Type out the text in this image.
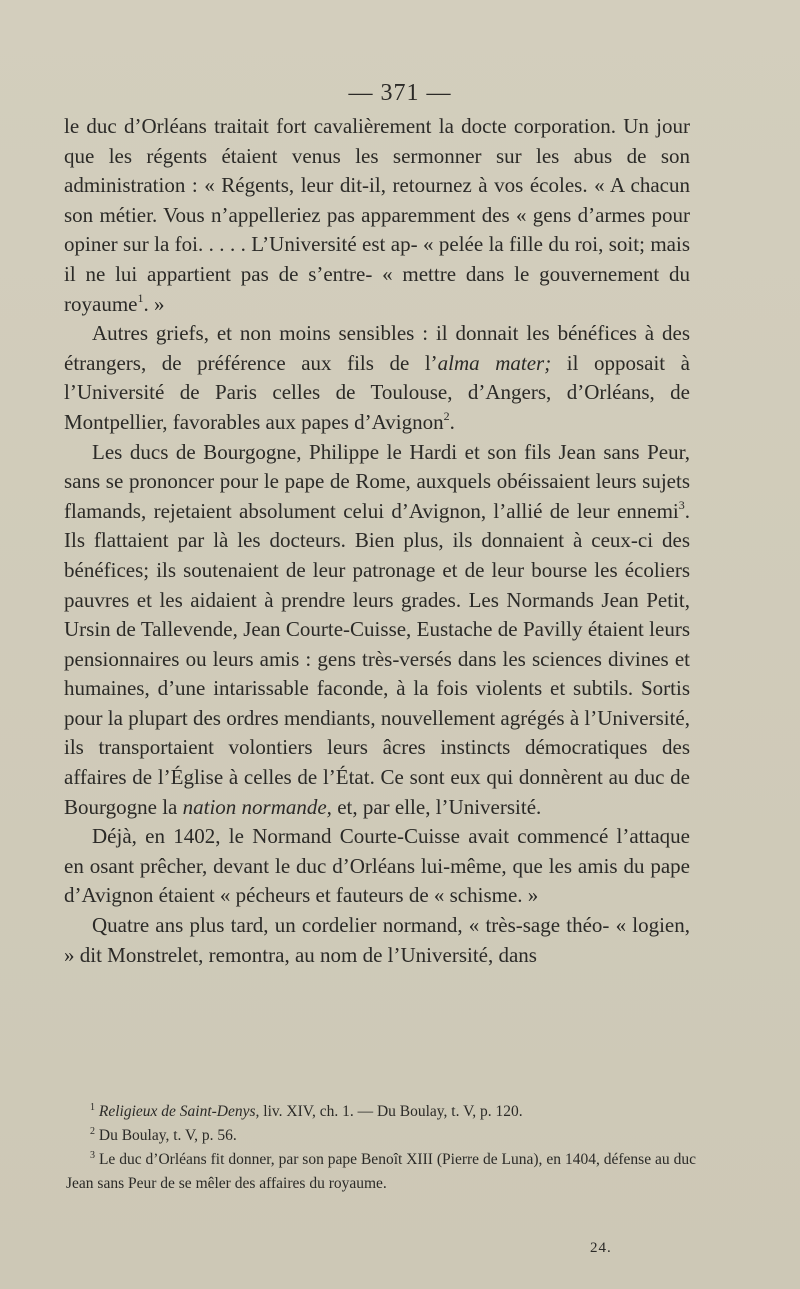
— 371 —

le duc d’Orléans traitait fort cavalièrement la docte corporation. Un jour que les régents étaient venus les sermonner sur les abus de son administration : « Régents, leur dit-il, retournez à vos écoles. « A chacun son métier. Vous n’appelleriez pas apparemment des « gens d’armes pour opiner sur la foi. . . . . L’Université est ap- « pelée la fille du roi, soit; mais il ne lui appartient pas de s’entre- « mettre dans le gouvernement du royaume$^1$. »

Autres griefs, et non moins sensibles : il donnait les bénéfices à des étrangers, de préférence aux fils de l’alma mater; il opposait à l’Université de Paris celles de Toulouse, d’Angers, d’Orléans, de Montpellier, favorables aux papes d’Avignon$^2$.

Les ducs de Bourgogne, Philippe le Hardi et son fils Jean sans Peur, sans se prononcer pour le pape de Rome, auxquels obéissaient leurs sujets flamands, rejetaient absolument celui d’Avignon, l’allié de leur ennemi$^3$. Ils flattaient par là les docteurs. Bien plus, ils donnaient à ceux-ci des bénéfices; ils soutenaient de leur patronage et de leur bourse les écoliers pauvres et les aidaient à prendre leurs grades. Les Normands Jean Petit, Ursin de Tallevende, Jean Courte-Cuisse, Eustache de Pavilly étaient leurs pensionnaires ou leurs amis : gens très-versés dans les sciences divines et humaines, d’une intarissable faconde, à la fois violents et subtils. Sortis pour la plupart des ordres mendiants, nouvellement agrégés à l’Université, ils transportaient volontiers leurs âcres instincts démocratiques des affaires de l’Église à celles de l’État. Ce sont eux qui donnèrent au duc de Bourgogne la nation normande, et, par elle, l’Université.

Déjà, en 1402, le Normand Courte-Cuisse avait commencé l’attaque en osant prêcher, devant le duc d’Orléans lui-même, que les amis du pape d’Avignon étaient « pécheurs et fauteurs de « schisme. »

Quatre ans plus tard, un cordelier normand, « très-sage théo- « logien, » dit Monstrelet, remontra, au nom de l’Université, dans

$^1$ Religieux de Saint-Denys, liv. XIV, ch. 1. — Du Boulay, t. V, p. 120.

$^2$ Du Boulay, t. V, p. 56.

$^3$ Le duc d’Orléans fit donner, par son pape Benoît XIII (Pierre de Luna), en 1404, défense au duc Jean sans Peur de se mêler des affaires du royaume.

24.
